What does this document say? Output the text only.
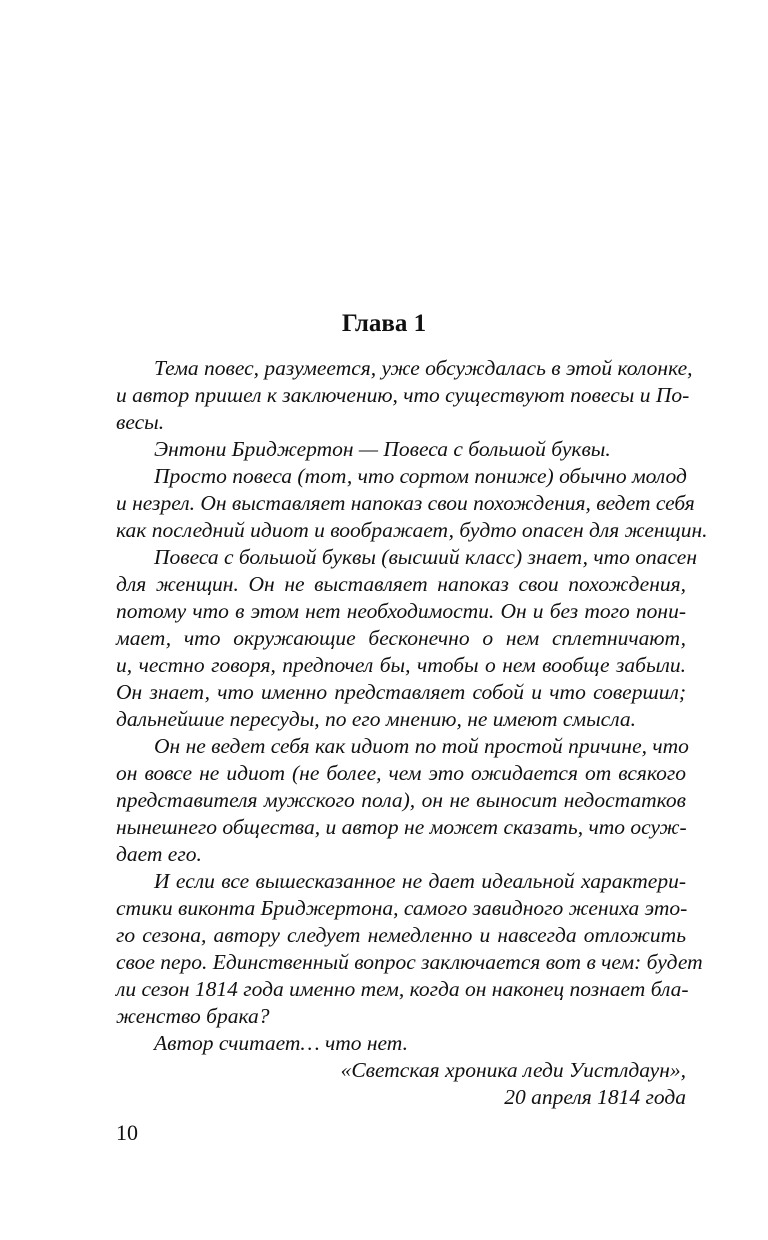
Глава 1
Тема повес, разумеется, уже обсуждалась в этой колонке,
и автор пришел к заключению, что существуют повесы и По-
весы.
Энтони Бриджертон — Повеса с большой буквы.
Просто повеса (тот, что сортом пониже) обычно молод
и незрел. Он выставляет напоказ свои похождения, ведет себя
как последний идиот и воображает, будто опасен для женщин.
Повеса с большой буквы (высший класс) знает, что опасен
для женщин. Он не выставляет напоказ свои похождения,
потому что в этом нет необходимости. Он и без того пони-
мает, что окружающие бесконечно о нем сплетничают,
и, честно говоря, предпочел бы, чтобы о нем вообще забыли.
Он знает, что именно представляет собой и что совершил;
дальнейшие пересуды, по его мнению, не имеют смысла.
Он не ведет себя как идиот по той простой причине, что
он вовсе не идиот (не более, чем это ожидается от всякого
представителя мужского пола), он не выносит недостатков
нынешнего общества, и автор не может сказать, что осуж-
дает его.
И если все вышесказанное не дает идеальной характери-
стики виконта Бриджертона, самого завидного жениха это-
го сезона, автору следует немедленно и навсегда отложить
свое перо. Единственный вопрос заключается вот в чем: будет
ли сезон 1814 года именно тем, когда он наконец познает бла-
женство брака?
Автор считает… что нет.
«Светская хроника леди Уистлдаун»,
20 апреля 1814 года
10
